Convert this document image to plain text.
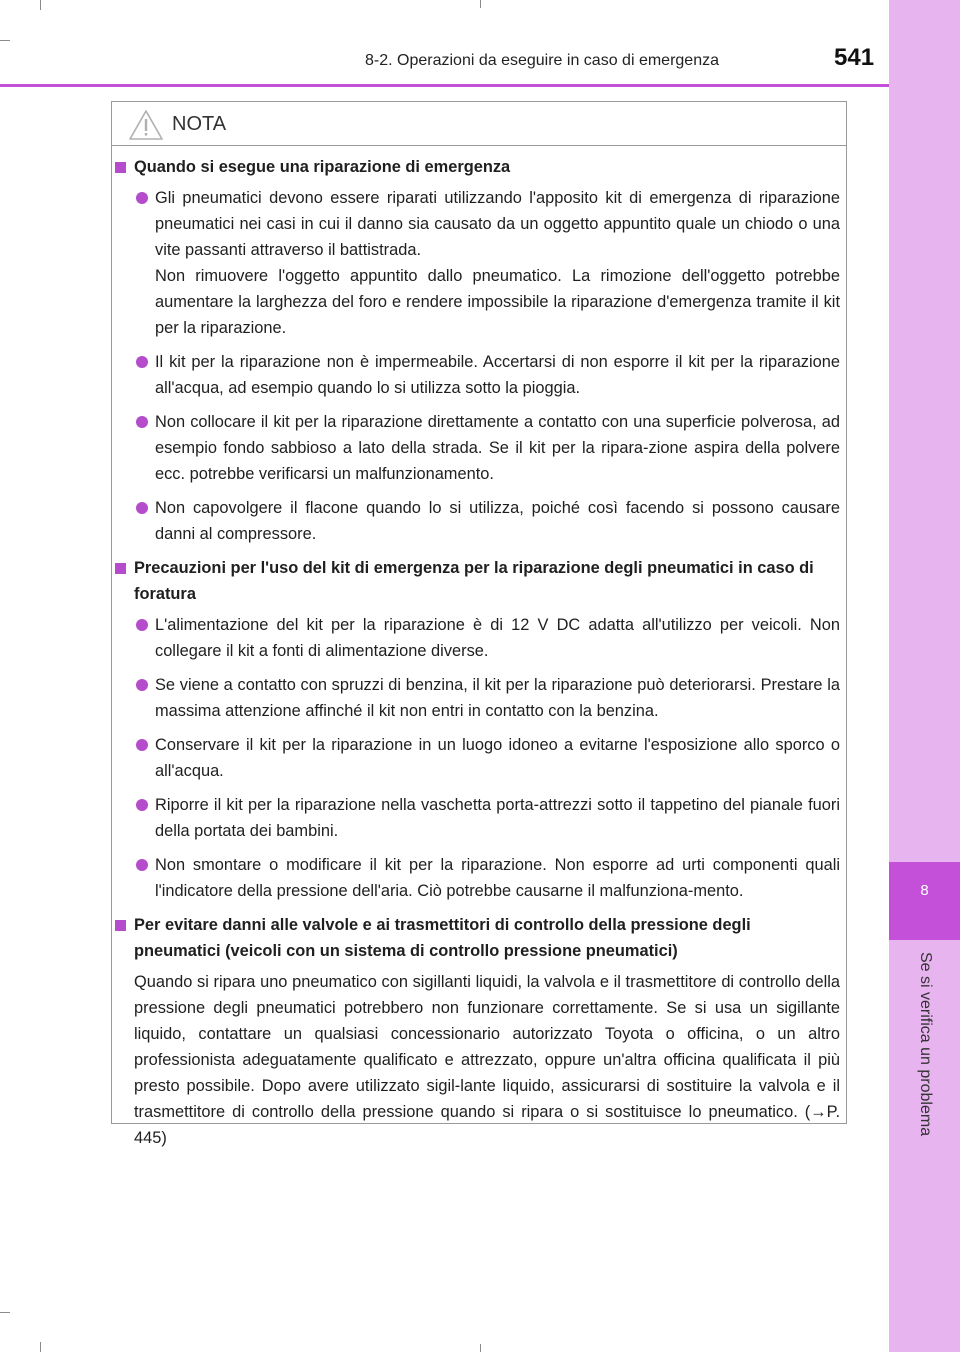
8
Se si verifica un problema
8-2. Operazioni da eseguire in caso di emergenza	541
NOTA
Quando si esegue una riparazione di emergenza
Gli pneumatici devono essere riparati utilizzando l'apposito kit di emergenza di riparazione pneumatici nei casi in cui il danno sia causato da un oggetto appuntito quale un chiodo o una vite passanti attraverso il battistrada.
Non rimuovere l'oggetto appuntito dallo pneumatico. La rimozione dell'oggetto potrebbe aumentare la larghezza del foro e rendere impossibile la riparazione d'emergenza tramite il kit per la riparazione.
Il kit per la riparazione non è impermeabile. Accertarsi di non esporre il kit per la riparazione all'acqua, ad esempio quando lo si utilizza sotto la pioggia.
Non collocare il kit per la riparazione direttamente a contatto con una superficie polverosa, ad esempio fondo sabbioso a lato della strada. Se il kit per la ripara-zione aspira della polvere ecc. potrebbe verificarsi un malfunzionamento.
Non capovolgere il flacone quando lo si utilizza, poiché così facendo si possono causare danni al compressore.
Precauzioni per l'uso del kit di emergenza per la riparazione degli pneumatici in caso di foratura
L'alimentazione del kit per la riparazione è di 12 V DC adatta all'utilizzo per veicoli. Non collegare il kit a fonti di alimentazione diverse.
Se viene a contatto con spruzzi di benzina, il kit per la riparazione può deteriorarsi. Prestare la massima attenzione affinché il kit non entri in contatto con la benzina.
Conservare il kit per la riparazione in un luogo idoneo a evitarne l'esposizione allo sporco o all'acqua.
Riporre il kit per la riparazione nella vaschetta porta-attrezzi sotto il tappetino del pianale fuori della portata dei bambini.
Non smontare o modificare il kit per la riparazione. Non esporre ad urti componenti quali l'indicatore della pressione dell'aria. Ciò potrebbe causarne il malfunziona-mento.
Per evitare danni alle valvole e ai trasmettitori di controllo della pressione degli pneumatici (veicoli con un sistema di controllo pressione pneumatici)
Quando si ripara uno pneumatico con sigillanti liquidi, la valvola e il trasmettitore di controllo della pressione degli pneumatici potrebbero non funzionare correttamente. Se si usa un sigillante liquido, contattare un qualsiasi concessionario autorizzato Toyota o officina, o un altro professionista adeguatamente qualificato e attrezzato, oppure un'altra officina qualificata il più presto possibile. Dopo avere utilizzato sigil-lante liquido, assicurarsi di sostituire la valvola e il trasmettitore di controllo della pressione quando si ripara o si sostituisce lo pneumatico. (→P. 445)
